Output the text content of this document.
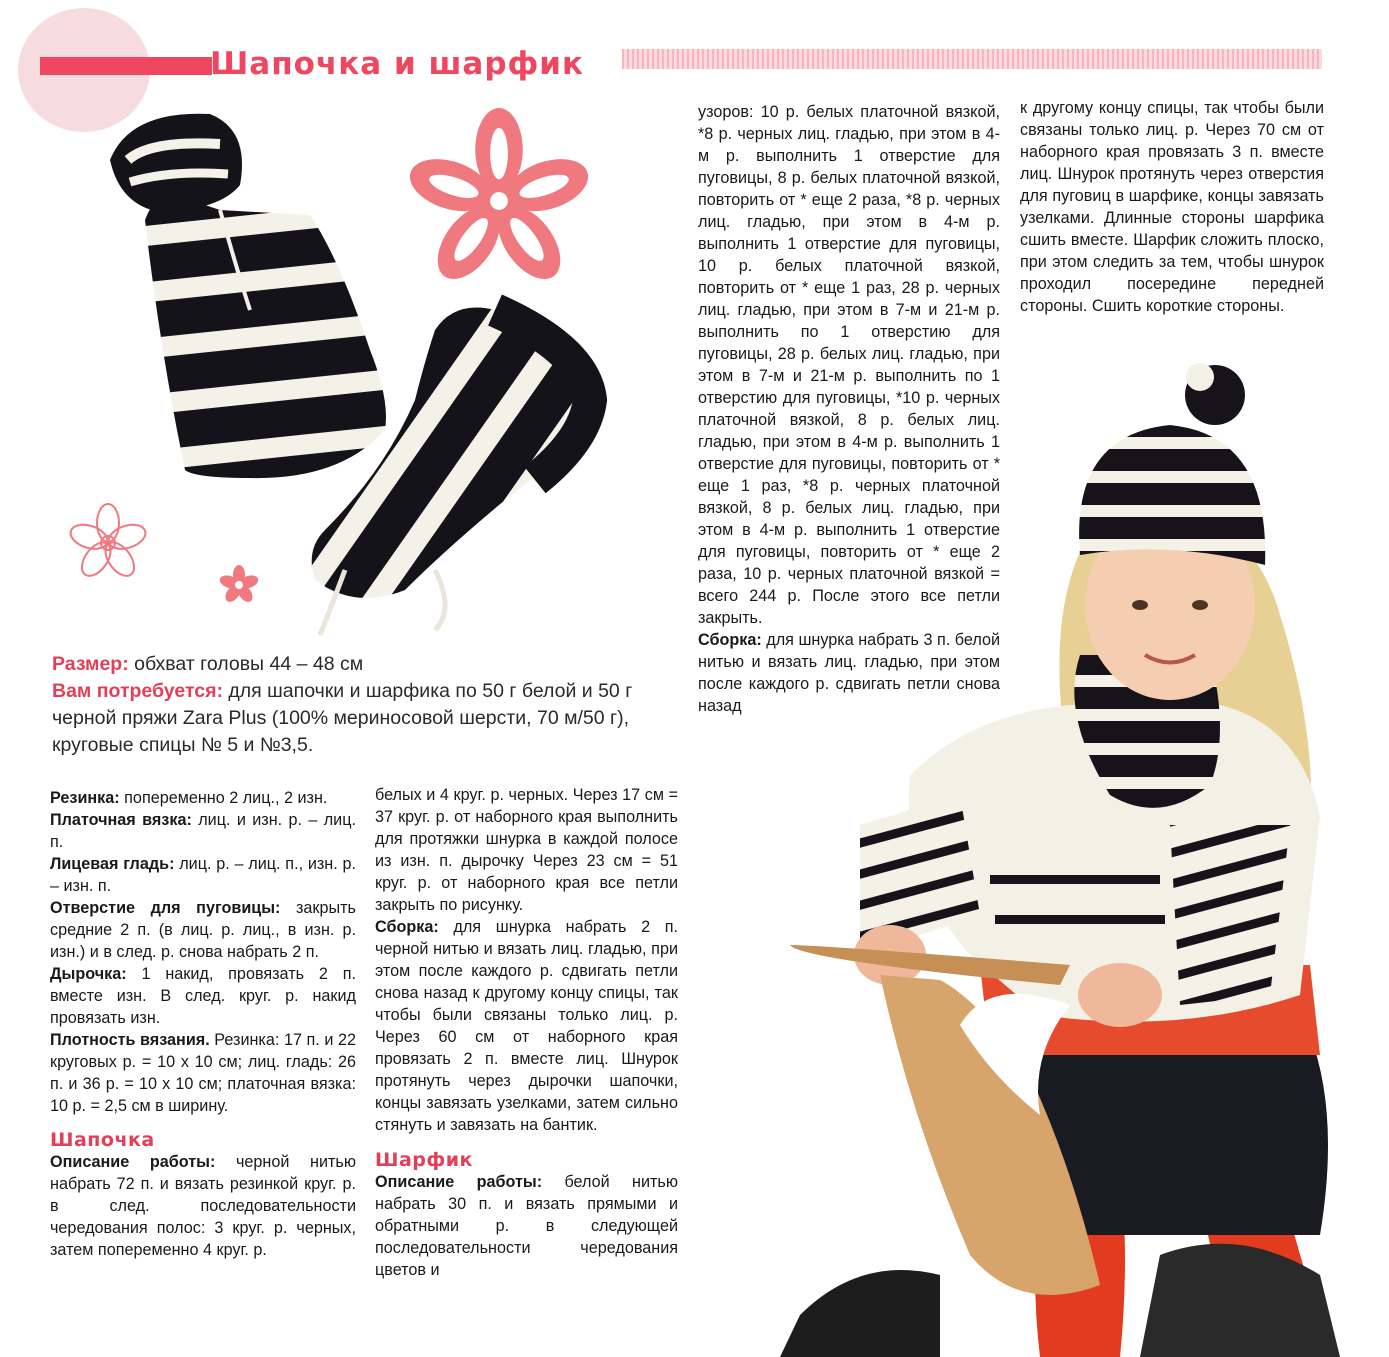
Шапочка и шарфик

Размер: обхват головы 44 – 48 см

Вам потребуется: для шапочки и шарфика по 50 г белой и 50 г черной пряжи Zara Plus (100% мериносовой шерсти, 70 м/50 г), круговые спицы № 5 и №3,5.

Резинка: попеременно 2 лиц., 2 изн.

Платочная вязка: лиц. и изн. р. – лиц. п.

Лицевая гладь: лиц. р. – лиц. п., изн. р. – изн. п.

Отверстие для пуговицы: закрыть средние 2 п. (в лиц. р. лиц., в изн. р. изн.) и в след. р. снова набрать 2 п.

Дырочка: 1 накид, провязать 2 п. вместе изн. В след. круг. р. накид провязать изн.

Плотность вязания. Резинка: 17 п. и 22 круговых р. = 10 х 10 см; лиц. гладь: 26 п. и 36 р. = 10 х 10 см; платочная вязка: 10 р. = 2,5 см в ширину.

Шапочка

Описание работы: черной нитью набрать 72 п. и вязать резинкой круг. р. в след. последовательности чередования полос: 3 круг. р. черных, затем попеременно 4 круг. р.

белых и 4 круг. р. черных. Через 17 см = 37 круг. р. от наборного края выполнить для протяжки шнурка в каждой полосе из изн. п. дырочку Через 23 см = 51 круг. р. от наборного края все петли закрыть по рисунку.

Сборка: для шнурка набрать 2 п. черной нитью и вязать лиц. гладью, при этом после каждого р. сдвигать петли снова назад к другому концу спицы, так чтобы были связаны только лиц. р. Через 60 см от наборного края провязать 2 п. вместе лиц. Шнурок протянуть через дырочки шапочки, концы завязать узелками, затем сильно стянуть и завязать на бантик.

Шарфик

Описание работы: белой нитью набрать 30 п. и вязать прямыми и обратными р. в следующей последовательности чередования цветов и

узоров: 10 р. белых платочной вязкой, *8 р. черных лиц. гладью, при этом в 4-м р. выполнить 1 отверстие для пуговицы, 8 р. белых платочной вязкой, повторить от * еще 2 раза, *8 р. черных лиц. гладью, при этом в 4-м р. выполнить 1 отверстие для пуговицы, 10 р. белых платочной вязкой, повторить от * еще 1 раз, 28 р. черных лиц. гладью, при этом в 7-м и 21-м р. выполнить по 1 отверстию для пуговицы, 28 р. белых лиц. гладью, при этом в 7-м и 21-м р. выполнить по 1 отверстию для пуговицы, *10 р. черных платочной вязкой, 8 р. белых лиц. гладью, при этом в 4-м р. выполнить 1 отверстие для пуговицы, повторить от * еще 1 раз, *8 р. черных платочной вязкой, 8 р. белых лиц. гладью, при этом в 4-м р. выполнить 1 отверстие для пуговицы, повторить от * еще 2 раза, 10 р. черных платочной вязкой = всего 244 р. После этого все петли закрыть.

Сборка: для шнурка набрать 3 п. белой нитью и вязать лиц. гладью, при этом после каждого р. сдвигать петли снова назад

к другому концу спицы, так чтобы были связаны только лиц. р. Через 70 см от наборного края провязать 3 п. вместе лиц. Шнурок протянуть через отверстия для пуговиц в шарфике, концы завязать узелками. Длинные стороны шарфика сшить вместе. Шарфик сложить плоско, при этом следить за тем, чтобы шнурок проходил посередине передней стороны. Сшить короткие стороны.
